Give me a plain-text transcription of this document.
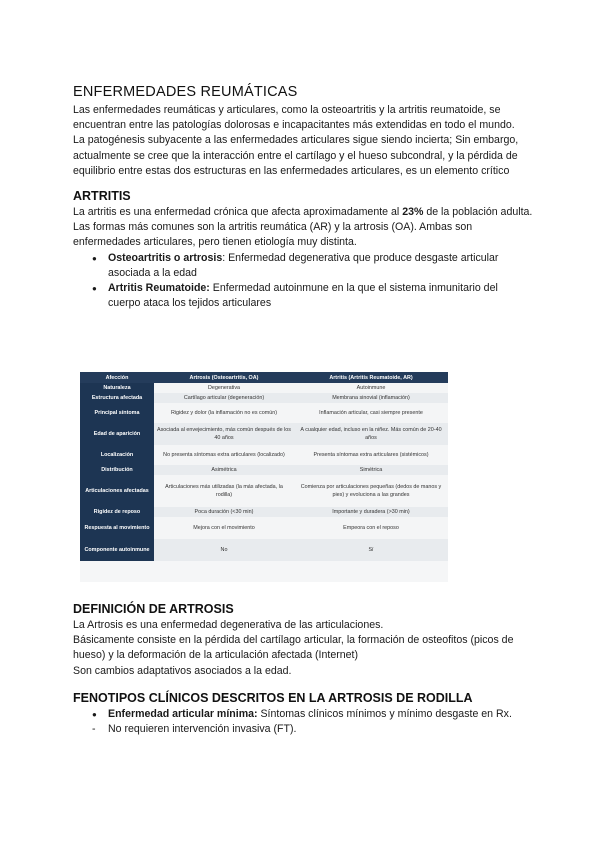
ENFERMEDADES REUMÁTICAS

Las enfermedades reumáticas y articulares, como la osteoartritis y la artritis reumatoide, se encuentran entre las patologías dolorosas e incapacitantes más extendidas en todo el mundo.

La patogénesis subyacente a las enfermedades articulares sigue siendo incierta; Sin embargo, actualmente se cree que la interacción entre el cartílago y el hueso subcondral, y la pérdida de equilibrio entre estas dos estructuras en las enfermedades articulares, es un elemento crítico

ARTRITIS

La artritis es una enfermedad crónica que afecta aproximadamente al 23% de la población adulta.

Las formas más comunes son la artritis reumática (AR) y la artrosis (OA). Ambas son enfermedades articulares, pero tienen etiología muy distinta.

● Osteoartritis o artrosis: Enfermedad degenerativa que produce desgaste articular asociada a la edad
● Artritis Reumatoide: Enfermedad autoinmune en la que el sistema inmunitario del cuerpo ataca los tejidos articulares
Afección	Artrosis (Osteoartritis, OA)	Artritis (Artritis Reumatoide, AR)
Naturaleza	Degenerativa	Autoinmune
Estructura afectada	Cartílago articular (degeneración)	Membrana sinovial (inflamación)
Principal síntoma	Rigidez y dolor (la inflamación no es común)	Inflamación articular, casi siempre presente
Edad de aparición	Asociada al envejecimiento, más común después de los 40 años	A cualquier edad, incluso en la niñez. Más común de 20-40 años
Localización	No presenta síntomas extra articulares (localizado)	Presenta síntomas extra articulares (sistémicos)
Distribución	Asimétrica	Simétrica
Articulaciones afectadas	Articulaciones más utilizadas (la más afectada, la rodilla)	Comienza por articulaciones pequeñas (dedos de manos y pies) y evoluciona a las grandes
Rigidez de reposo	Poca duración (<30 min)	Importante y duradera (>30 min)
Respuesta al movimiento	Mejora con el movimiento	Empeora con el reposo
Componente autoinmune	No	Sí
DEFINICIÓN DE ARTROSIS

La Artrosis es una enfermedad degenerativa de las articulaciones.

Básicamente consiste en la pérdida del cartílago articular, la formación de osteofitos (picos de hueso) y la deformación de la articulación afectada (Internet)

Son cambios adaptativos asociados a la edad.

FENOTIPOS CLÍNICOS DESCRITOS EN LA ARTROSIS DE RODILLA
● Enfermedad articular mínima: Síntomas clínicos mínimos y mínimo desgaste en Rx.
- No requieren intervención invasiva (FT).
